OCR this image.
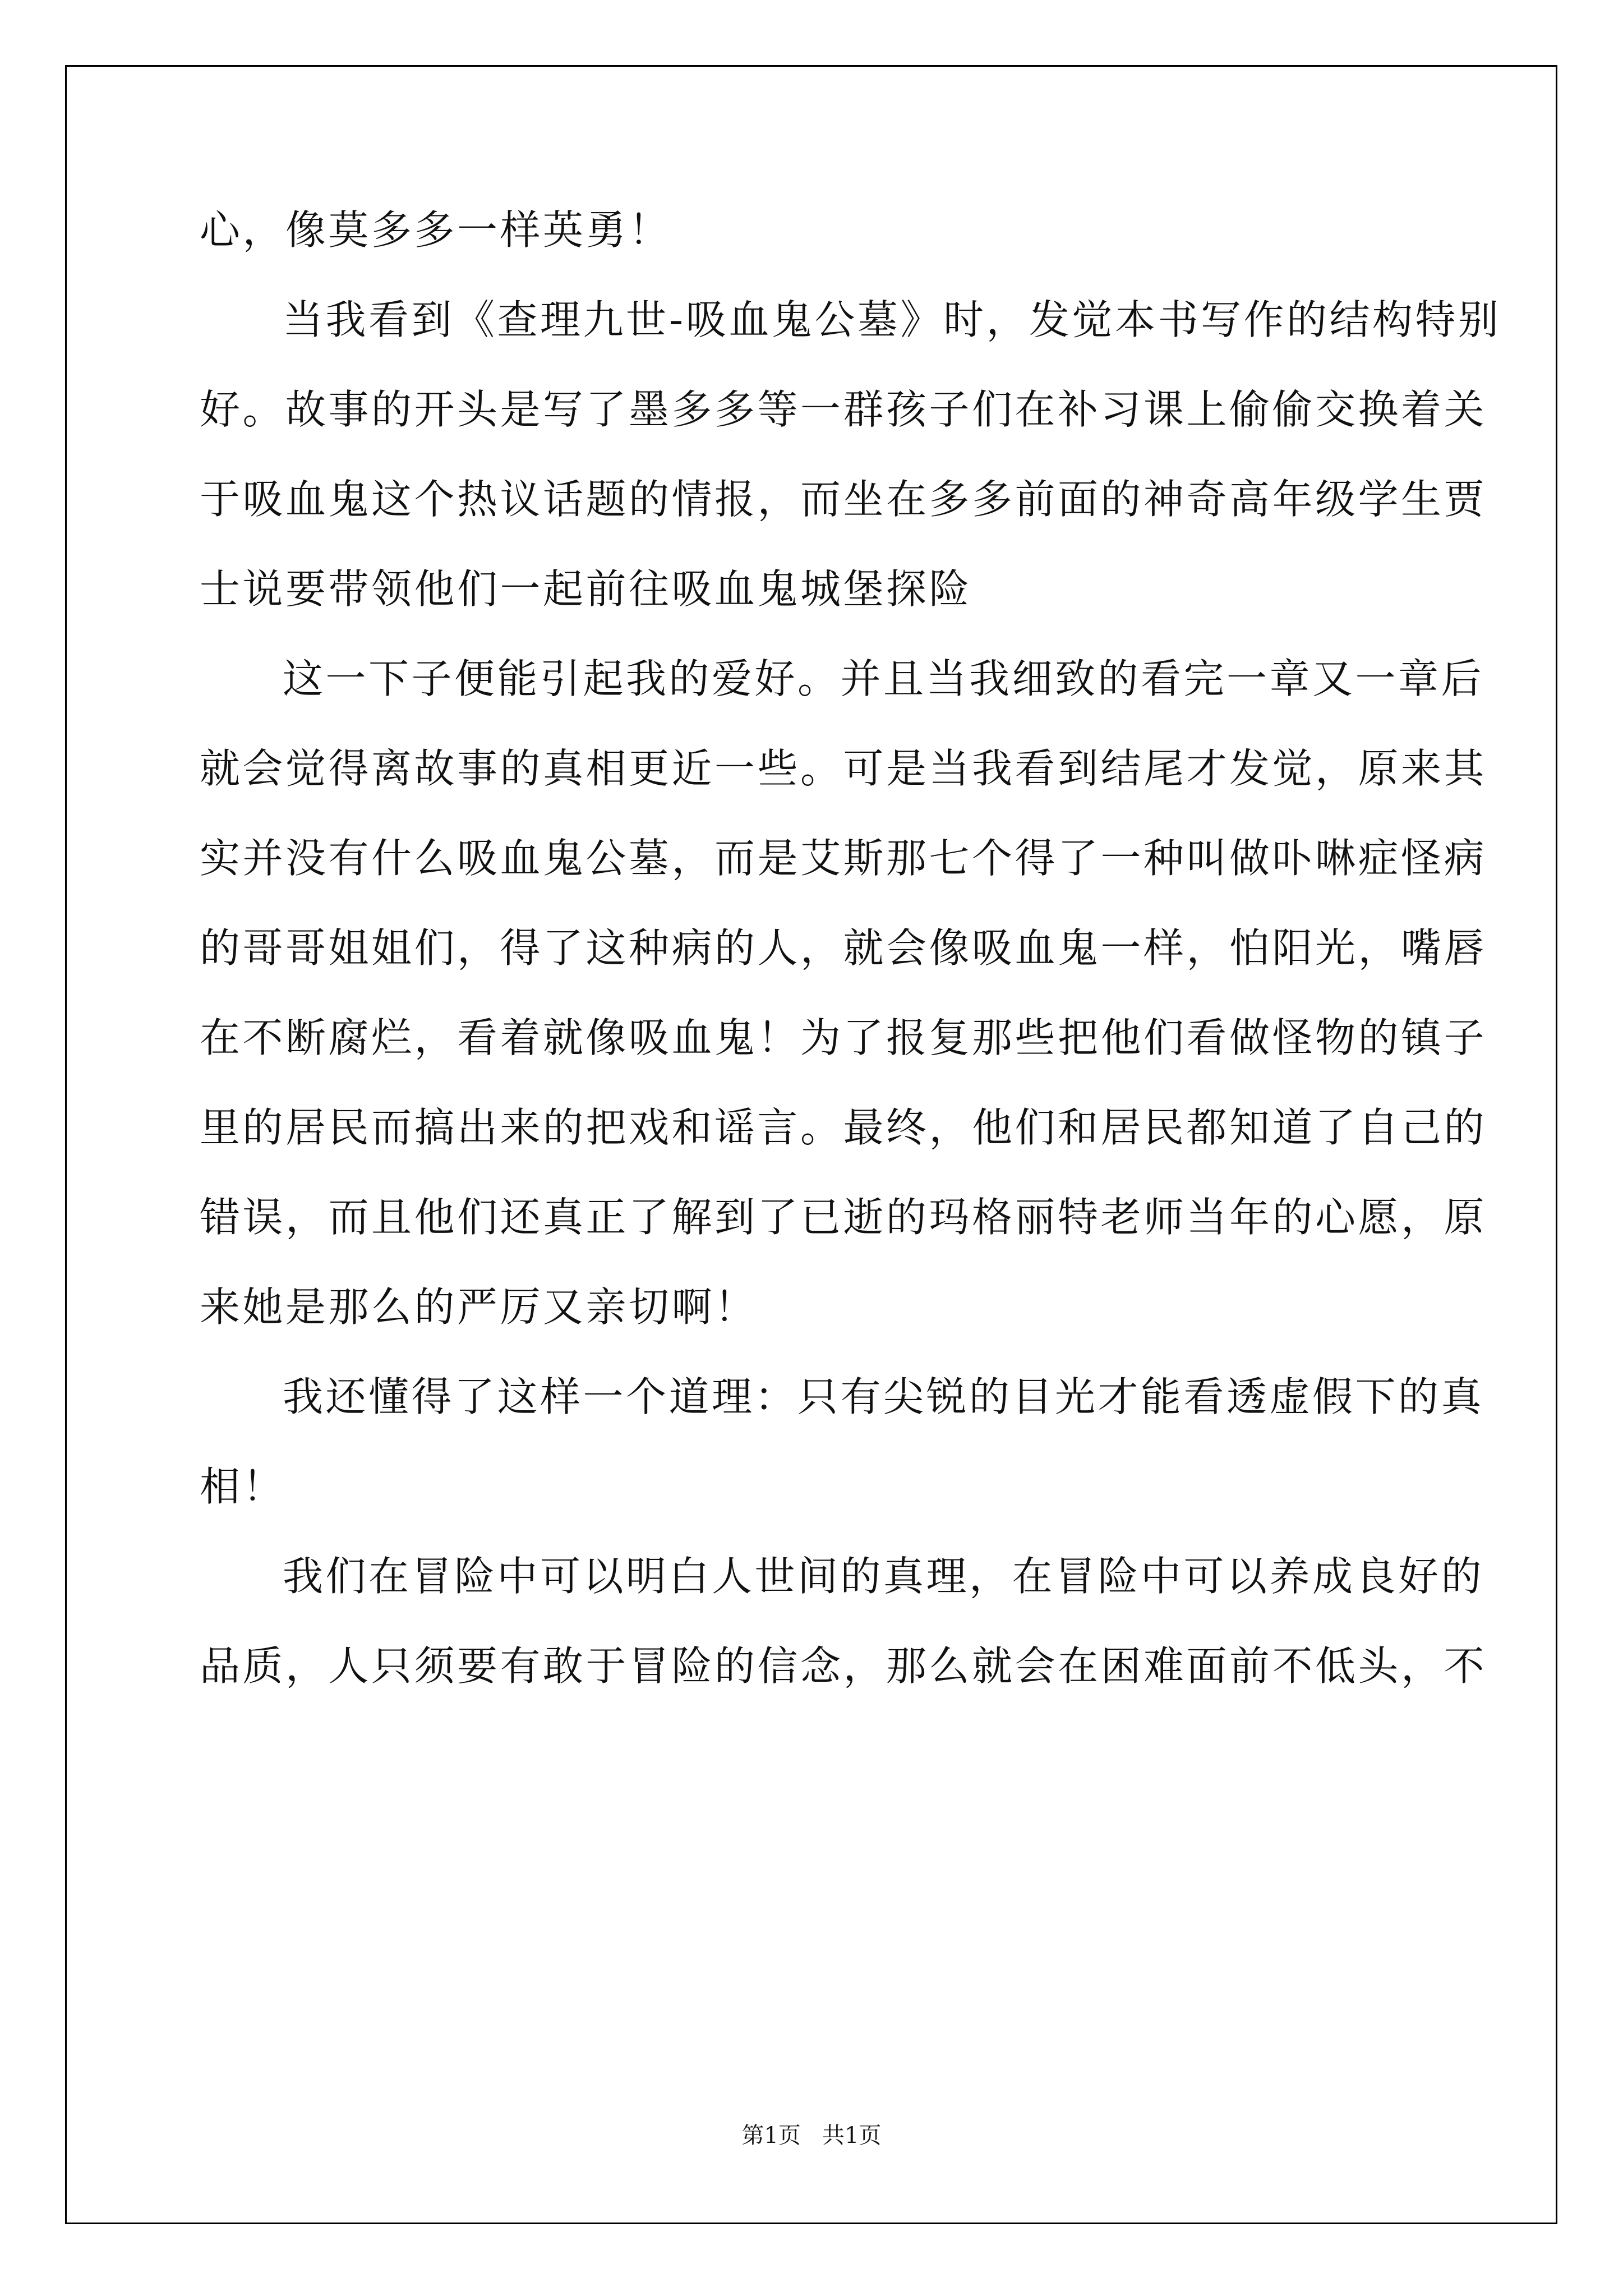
心，像莫多多一样英勇！
当我看到《查理九世-吸血鬼公墓》时，发觉本书写作的结构特别
好。故事的开头是写了墨多多等一群孩子们在补习课上偷偷交换着关
于吸血鬼这个热议话题的情报，而坐在多多前面的神奇高年级学生贾
士说要带领他们一起前往吸血鬼城堡探险
这一下子便能引起我的爱好。并且当我细致的看完一章又一章后
就会觉得离故事的真相更近一些。可是当我看到结尾才发觉，原来其
实并没有什么吸血鬼公墓，而是艾斯那七个得了一种叫做卟啉症怪病
的哥哥姐姐们，得了这种病的人，就会像吸血鬼一样，怕阳光，嘴唇
在不断腐烂，看着就像吸血鬼！为了报复那些把他们看做怪物的镇子
里的居民而搞出来的把戏和谣言。最终，他们和居民都知道了自己的
错误，而且他们还真正了解到了已逝的玛格丽特老师当年的心愿，原
来她是那么的严厉又亲切啊！
我还懂得了这样一个道理：只有尖锐的目光才能看透虚假下的真
相！
我们在冒险中可以明白人世间的真理，在冒险中可以养成良好的
品质，人只须要有敢于冒险的信念，那么就会在困难面前不低头，不
第1页   共1页
